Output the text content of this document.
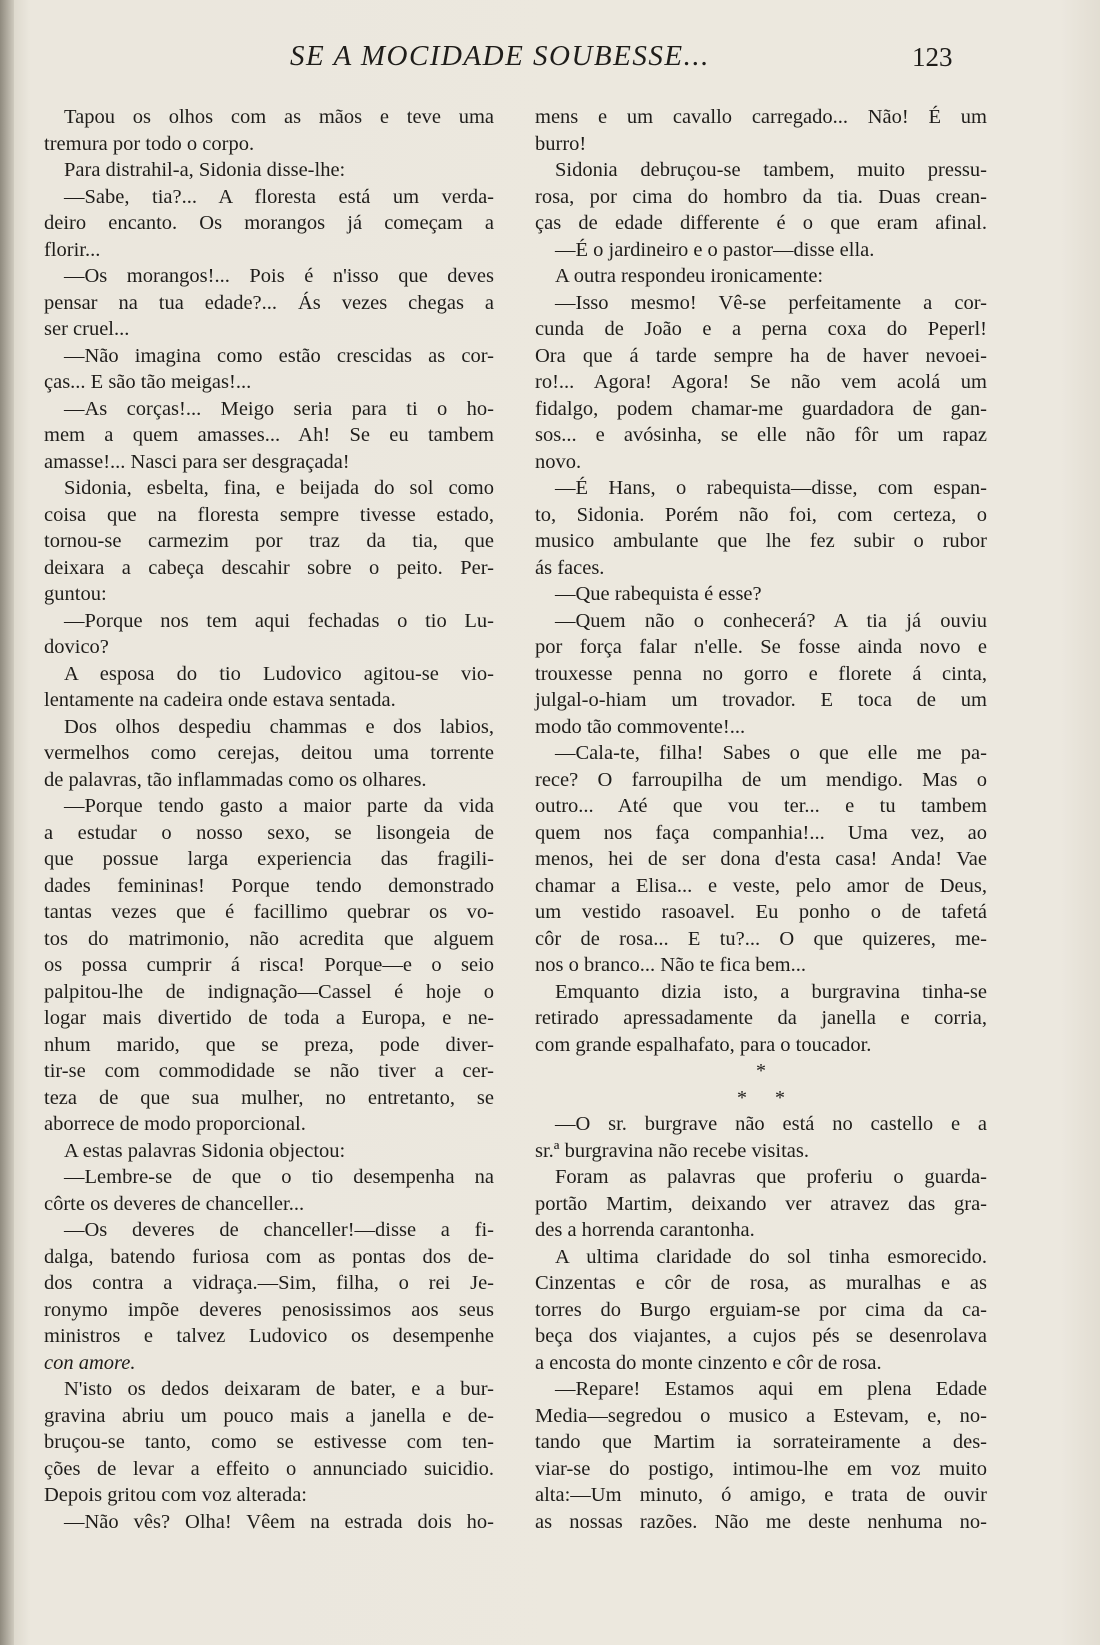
SE A MOCIDADE SOUBESSE...	123
Tapou os olhos com as mãos e teve uma
tremura por todo o corpo.
Para distrahil-a, Sidonia disse-lhe:
—Sabe, tia?... A floresta está um verda-
deiro encanto. Os morangos já começam a
florir...
—Os morangos!... Pois é n'isso que deves
pensar na tua edade?... Ás vezes chegas a
ser cruel...
—Não imagina como estão crescidas as cor-
ças... E são tão meigas!...
—As corças!... Meigo seria para ti o ho-
mem a quem amasses... Ah! Se eu tambem
amasse!... Nasci para ser desgraçada!
Sidonia, esbelta, fina, e beijada do sol como
coisa que na floresta sempre tivesse estado,
tornou-se carmezim por traz da tia, que
deixara a cabeça descahir sobre o peito. Per-
guntou:
—Porque nos tem aqui fechadas o tio Lu-
dovico?
A esposa do tio Ludovico agitou-se vio-
lentamente na cadeira onde estava sentada.
Dos olhos despediu chammas e dos labios,
vermelhos como cerejas, deitou uma torrente
de palavras, tão inflammadas como os olhares.
—Porque tendo gasto a maior parte da vida
a estudar o nosso sexo, se lisongeia de
que possue larga experiencia das fragili-
dades femininas! Porque tendo demonstrado
tantas vezes que é facillimo quebrar os vo-
tos do matrimonio, não acredita que alguem
os possa cumprir á risca! Porque—e o seio
palpitou-lhe de indignação—Cassel é hoje o
logar mais divertido de toda a Europa, e ne-
nhum marido, que se preza, pode diver-
tir-se com commodidade se não tiver a cer-
teza de que sua mulher, no entretanto, se
aborrece de modo proporcional.
A estas palavras Sidonia objectou:
—Lembre-se de que o tio desempenha na
côrte os deveres de chanceller...
—Os deveres de chanceller!—disse a fi-
dalga, batendo furiosa com as pontas dos de-
dos contra a vidraça.—Sim, filha, o rei Je-
ronymo impõe deveres penosissimos aos seus
ministros e talvez Ludovico os desempenhe
con amore.
N'isto os dedos deixaram de bater, e a bur-
gravina abriu um pouco mais a janella e de-
bruçou-se tanto, como se estivesse com ten-
ções de levar a effeito o annunciado suicidio.
Depois gritou com voz alterada:
—Não vês? Olha! Vêem na estrada dois ho-
mens e um cavallo carregado... Não! É um
burro!
Sidonia debruçou-se tambem, muito pressu-
rosa, por cima do hombro da tia. Duas crean-
ças de edade differente é o que eram afinal.
—É o jardineiro e o pastor—disse ella.
A outra respondeu ironicamente:
—Isso mesmo! Vê-se perfeitamente a cor-
cunda de João e a perna coxa do Peperl!
Ora que á tarde sempre ha de haver nevoei-
ro!... Agora! Agora! Se não vem acolá um
fidalgo, podem chamar-me guardadora de gan-
sos... e avósinha, se elle não fôr um rapaz
novo.
—É Hans, o rabequista—disse, com espan-
to, Sidonia. Porém não foi, com certeza, o
musico ambulante que lhe fez subir o rubor
ás faces.
—Que rabequista é esse?
—Quem não o conhecerá? A tia já ouviu
por força falar n'elle. Se fosse ainda novo e
trouxesse penna no gorro e florete á cinta,
julgal-o-hiam um trovador. E toca de um
modo tão commovente!...
—Cala-te, filha! Sabes o que elle me pa-
rece? O farroupilha de um mendigo. Mas o
outro... Até que vou ter... e tu tambem
quem nos faça companhia!... Uma vez, ao
menos, hei de ser dona d'esta casa! Anda! Vae
chamar a Elisa... e veste, pelo amor de Deus,
um vestido rasoavel. Eu ponho o de tafetá
côr de rosa... E tu?... O que quizeres, me-
nos o branco... Não te fica bem...
Emquanto dizia isto, a burgravina tinha-se
retirado apressadamente da janella e corria,
com grande espalhafato, para o toucador.
*
* *
—O sr. burgrave não está no castello e a
sr.ª burgravina não recebe visitas.
Foram as palavras que proferiu o guarda-
portão Martim, deixando ver atravez das gra-
des a horrenda carantonha.
A ultima claridade do sol tinha esmorecido.
Cinzentas e côr de rosa, as muralhas e as
torres do Burgo erguiam-se por cima da ca-
beça dos viajantes, a cujos pés se desenrolava
a encosta do monte cinzento e côr de rosa.
—Repare! Estamos aqui em plena Edade
Media—segredou o musico a Estevam, e, no-
tando que Martim ia sorrateiramente a des-
viar-se do postigo, intimou-lhe em voz muito
alta:—Um minuto, ó amigo, e trata de ouvir
as nossas razões. Não me deste nenhuma no-
